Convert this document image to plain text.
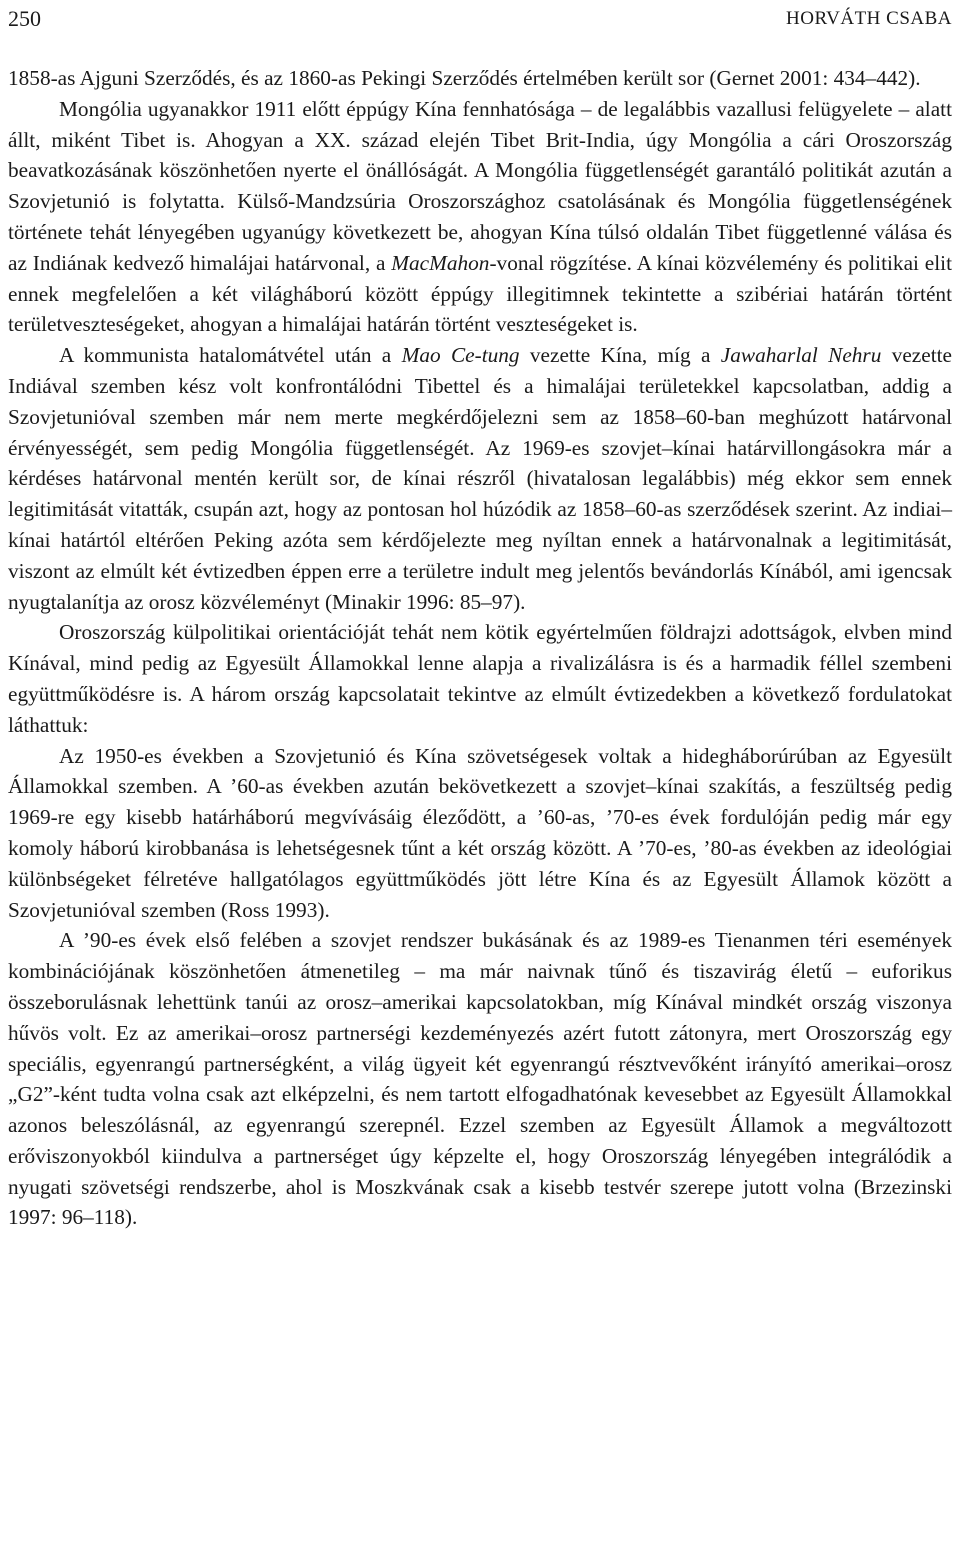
250	HORVÁTH CSABA

1858-as Ajguni Szerződés, és az 1860-as Pekingi Szerződés értelmében került sor (Gernet 2001: 434–442).

Mongólia ugyanakkor 1911 előtt éppúgy Kína fennhatósága – de legalábbis vazallusi felügyelete – alatt állt, miként Tibet is. Ahogyan a XX. század elején Tibet Brit-India, úgy Mongólia a cári Oroszország beavatkozásának köszönhetően nyerte el önállóságát. A Mongólia függetlenségét garantáló politikát azután a Szovjetunió is folytatta. Külső-Mandzsúria Oroszországhoz csatolásának és Mongólia függetlenségének története tehát lényegében ugyanúgy következett be, ahogyan Kína túlsó oldalán Tibet függetlenné válása és az Indiának kedvező himalájai határvonal, a MacMahon-vonal rögzítése. A kínai közvélemény és politikai elit ennek megfelelően a két világháború között éppúgy illegitimnek tekintette a szibériai határán történt területveszteségeket, ahogyan a himalájai határán történt veszteségeket is.

A kommunista hatalomátvétel után a Mao Ce-tung vezette Kína, míg a Jawaharlal Nehru vezette Indiával szemben kész volt konfrontálódni Tibettel és a himalájai területekkel kapcsolatban, addig a Szovjetunióval szemben már nem merte megkérdőjelezni sem az 1858–60-ban meghúzott határvonal érvényességét, sem pedig Mongólia függetlenségét. Az 1969-es szovjet–kínai határvillongásokra már a kérdéses határvonal mentén került sor, de kínai részről (hivatalosan legalábbis) még ekkor sem ennek legitimitását vitatták, csupán azt, hogy az pontosan hol húzódik az 1858–60-as szerződések szerint. Az indiai–kínai határtól eltérően Peking azóta sem kérdőjelezte meg nyíltan ennek a határvonalnak a legitimitását, viszont az elmúlt két évtizedben éppen erre a területre indult meg jelentős bevándorlás Kínából, ami igencsak nyugtalanítja az orosz közvéleményt (Minakir 1996: 85–97).

Oroszország külpolitikai orientációját tehát nem kötik egyértelműen földrajzi adottságok, elvben mind Kínával, mind pedig az Egyesült Államokkal lenne alapja a rivalizálásra is és a harmadik féllel szembeni együttműködésre is. A három ország kapcsolatait tekintve az elmúlt évtizedekben a következő fordulatokat láthattuk:

Az 1950-es években a Szovjetunió és Kína szövetségesek voltak a hidegháborúrúban az Egyesült Államokkal szemben. A ’60-as években azután bekövetkezett a szovjet–kínai szakítás, a feszültség pedig 1969-re egy kisebb határháború megvívásáig éleződött, a ’60-as, ’70-es évek fordulóján pedig már egy komoly háború kirobbanása is lehetségesnek tűnt a két ország között. A ’70-es, ’80-as években az ideológiai különbségeket félretéve hallgatólagos együttműködés jött létre Kína és az Egyesült Államok között a Szovjetunióval szemben (Ross 1993).

A ’90-es évek első felében a szovjet rendszer bukásának és az 1989-es Tienanmen téri események kombinációjának köszönhetően átmenetileg – ma már naivnak tűnő és tiszavirág életű – euforikus összeborulásnak lehettünk tanúi az orosz–amerikai kapcsolatokban, míg Kínával mindkét ország viszonya hűvös volt. Ez az amerikai–orosz partnerségi kezdeményezés azért futott zátonyra, mert Oroszország egy speciális, egyenrangú partnerségként, a világ ügyeit két egyenrangú résztvevőként irányító amerikai–orosz „G2”-ként tudta volna csak azt elképzelni, és nem tartott elfogadhatónak kevesebbet az Egyesült Államokkal azonos beleszólásnál, az egyenrangú szerepnél. Ezzel szemben az Egyesült Államok a megváltozott erőviszonyokból kiindulva a partnerséget úgy képzelte el, hogy Oroszország lényegében integrálódik a nyugati szövetségi rendszerbe, ahol is Moszkvának csak a kisebb testvér szerepe jutott volna (Brzezinski 1997: 96–118).
